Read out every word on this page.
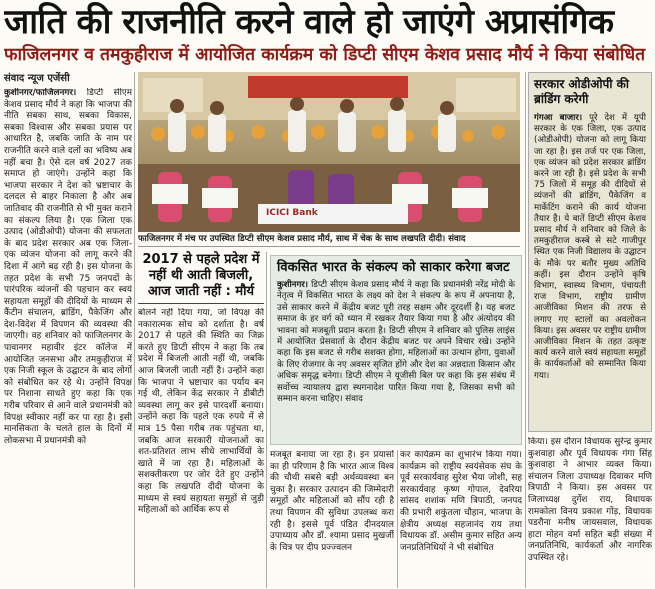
जाति की राजनीति करने वाले हो जाएंगे अप्रासंगिक
फाजिलनगर व तमकुहीराज में आयोजित कार्यक्रम को डिप्टी सीएम केशव प्रसाद मौर्य ने किया संबोधित
संवाद न्यूज एजेंसी
कुशीनगर/फाजिलनगर। डिप्टी सीएम केशव प्रसाद मौर्य ने कहा कि भाजपा की नीति सबका साथ, सबका विकास, सबका विश्वास और सबका प्रयास पर आधारित है, जबकि जाति के नाम पर राजनीति करने वाले दलों का भविष्य अब नहीं बचा है। ऐसे दल वर्ष 2027 तक समाप्त हो जाएंगे। उन्होंने कहा कि भाजपा सरकार ने देश को भ्रष्टाचार के दलदल से बाहर निकाला है और अब जातिवाद की राजनीति से भी मुक्त कराने का संकल्प लिया है। एक जिला एक उत्पाद (ओडीओपी) योजना की सफलता के बाद प्रदेश सरकार अब एक जिला-एक व्यंजन योजना को लागू करने की दिशा में आगे बढ़ रही है। इस योजना के तहत प्रदेश के सभी 75 जनपदों के पारंपरिक व्यंजनों की पहचान कर स्वयं सहायता समूहों की दीदियों के माध्यम से कैंटीन संचालन, ब्रांडिंग, पैकेजिंग और देश-विदेश में विपणन की व्यवस्था की जाएगी। वह शनिवार को फाजिलनगर के पावानगर महावीर इंटर कॉलेज में आयोजित जनसभा और तमकुहीराज में एक निजी स्कूल के उद्घाटन के बाद लोगों को संबोधित कर रहे थे। उन्होंने विपक्ष पर निशाना साधते हुए कहा कि एक गरीब परिवार से आने वाले प्रधानमंत्री को विपक्ष स्वीकार नहीं कर पा रहा है। इसी मानसिकता के चलते हाल के दिनों में लोकसभा में प्रधानमंत्री को
ICICI Bank
फाजिलनगर में मंच पर उपस्थित डिप्टी सीएम केशव प्रसाद मौर्य, साथ में चेक के साथ लखपति दीदी। संवाद
2017 से पहले प्रदेश में नहीं थी आती बिजली, आज जाती नहीं : मौर्य
बोलने नहीं दिया गया, जो विपक्ष की नकारात्मक सोच को दर्शाता है। वर्ष 2017 से पहले की स्थिति का जिक्र करते हुए डिप्टी सीएम ने कहा कि तब प्रदेश में बिजली आती नहीं थी, जबकि आज बिजली जाती नहीं है। उन्होंने कहा कि भाजपा ने भ्रष्टाचार का पर्याय बन गई थी, लेकिन केंद्र सरकार ने डीबीटी व्यवस्था लागू कर इसे पारदर्शी बनाया। उन्होंने कहा कि पहले एक रुपये में से मात्र 15 पैसा गरीब तक पहुंचता था, जबकि आज सरकारी योजनाओं का शत-प्रतिशत लाभ सीधे लाभार्थियों के खाते में जा रहा है। महिलाओं के सशक्तीकरण पर जोर देते हुए उन्होंने कहा कि लखपति दीदी योजना के माध्यम से स्वयं सहायता समूहों से जुड़ी महिलाओं को आर्थिक रूप से
विकसित भारत के संकल्प को साकार करेगा बजट
कुशीनगर। डिप्टी सीएम केशव प्रसाद मौर्य ने कहा कि प्रधानमंत्री नरेंद्र मोदी के नेतृत्व में विकसित भारत के लक्ष्य को देश ने संकल्प के रूप में अपनाया है, उसे साकार करने में केंद्रीय बजट पूरी तरह सक्षम और दूरदर्शी है। यह बजट समाज के हर वर्ग को ध्यान में रखकर तैयार किया गया है और अंत्योदय की भावना को मजबूती प्रदान करता है। डिप्टी सीएम ने शनिवार को पुलिस लाइंस में आयोजित प्रेसवार्ता के दौरान केंद्रीय बजट पर अपने विचार रखे। उन्होंने कहा कि इस बजट से गरीब सशक्त होगा, महिलाओं का उत्थान होगा, युवाओं के लिए रोजगार के नए अवसर सृजित होंगे और देश का अन्नदाता किसान और अधिक समृद्ध बनेगा। डिप्टी सीएम ने यूजीसी बिल पर कहा कि इस संबंध में सर्वोच्च न्यायालय द्वारा स्थगनादेश पारित किया गया है, जिसका सभी को सम्मान करना चाहिए। संवाद
मजबूत बनाया जा रहा है। इन प्रयासों का ही परिणाम है कि भारत आज विश्व की चौथी सबसे बड़ी अर्थव्यवस्था बन चुका है। सरकार उत्पादन की जिम्मेदारी समूहों और महिलाओं को सौंप रही है तथा विपणन की सुविधा उपलब्ध करा रही है। इससे पूर्व पंडित दीनदयाल उपाध्याय और डॉ. श्यामा प्रसाद मुखर्जी के चित्र पर दीप प्रज्ज्वलन
कर कार्यक्रम का शुभारंभ किया गया। कार्यक्रम को राष्ट्रीय स्वयंसेवक संघ के पूर्व सरकार्यवाह सुरेश भैया जोशी, सह सरकार्यवाह कृष्ण गोपाल, देवरिया सांसद शशांक मणि त्रिपाठी, जनपद की प्रभारी शकुंतला चौहान, भाजपा के क्षेत्रीय अध्यक्ष सहजानंद राय तथा विधायक डॉ. असीम कुमार सहित अन्य जनप्रतिनिधियों ने भी संबोधित
सरकार ओडीओपी की ब्रांडिंग करेगी
गंगआ बाजार। पूरे देश में यूपी सरकार के एक जिला, एक उत्पाद (ओडीओपी) योजना को लागू किया जा रहा है। इस तर्ज पर एक जिला, एक व्यंजन को प्रदेश सरकार ब्रांडिंग करने जा रही है। इसे प्रदेश के सभी 75 जिलों में समूह की दीदियों से व्यंजनों की ब्रांडिंग, पैकेजिंग व मार्केटिंग कराने की कार्य योजना तैयार है। ये बातें डिप्टी सीएम केशव प्रसाद मौर्य ने शनिवार को जिले के तमकुहीराज कस्बे से सटे गाजीपुर स्थित एक निजी विद्यालय के उद्घाटन के मौके पर बतौर मुख्य अतिथि कहीं। इस दौरान उन्होंने कृषि विभाग, स्वास्थ्य विभाग, पंचायती राज विभाग, राष्ट्रीय ग्रामीण आजीविका मिशन की तरफ से लगाए गए स्टालों का अवलोकन किया। इस अवसर पर राष्ट्रीय ग्रामीण आजीविका मिशन के तहत उत्कृष्ट कार्य करने वाले स्वयं सहायता समूहों के कार्यकर्ताओं को सम्मानित किया गया।
किया। इस दौरान विधायक सुरेन्द्र कुमार कुशवाहा और पूर्व विधायक गंगा सिंह कुशवाहा ने आभार व्यक्त किया। संचालन जिला उपाध्यक्ष दिवाकर मणि त्रिपाठी ने किया। इस अवसर पर जिलाध्यक्ष दुर्गेश राय, विधायक रामकोला विनय प्रकाश गोंड़, विधायक पडरौना मनीष जायसवाल, विधायक हाटा मोहन वर्मा सहित बड़ी संख्या में जनप्रतिनिधि, कार्यकर्ता और नागरिक उपस्थित रहे।
